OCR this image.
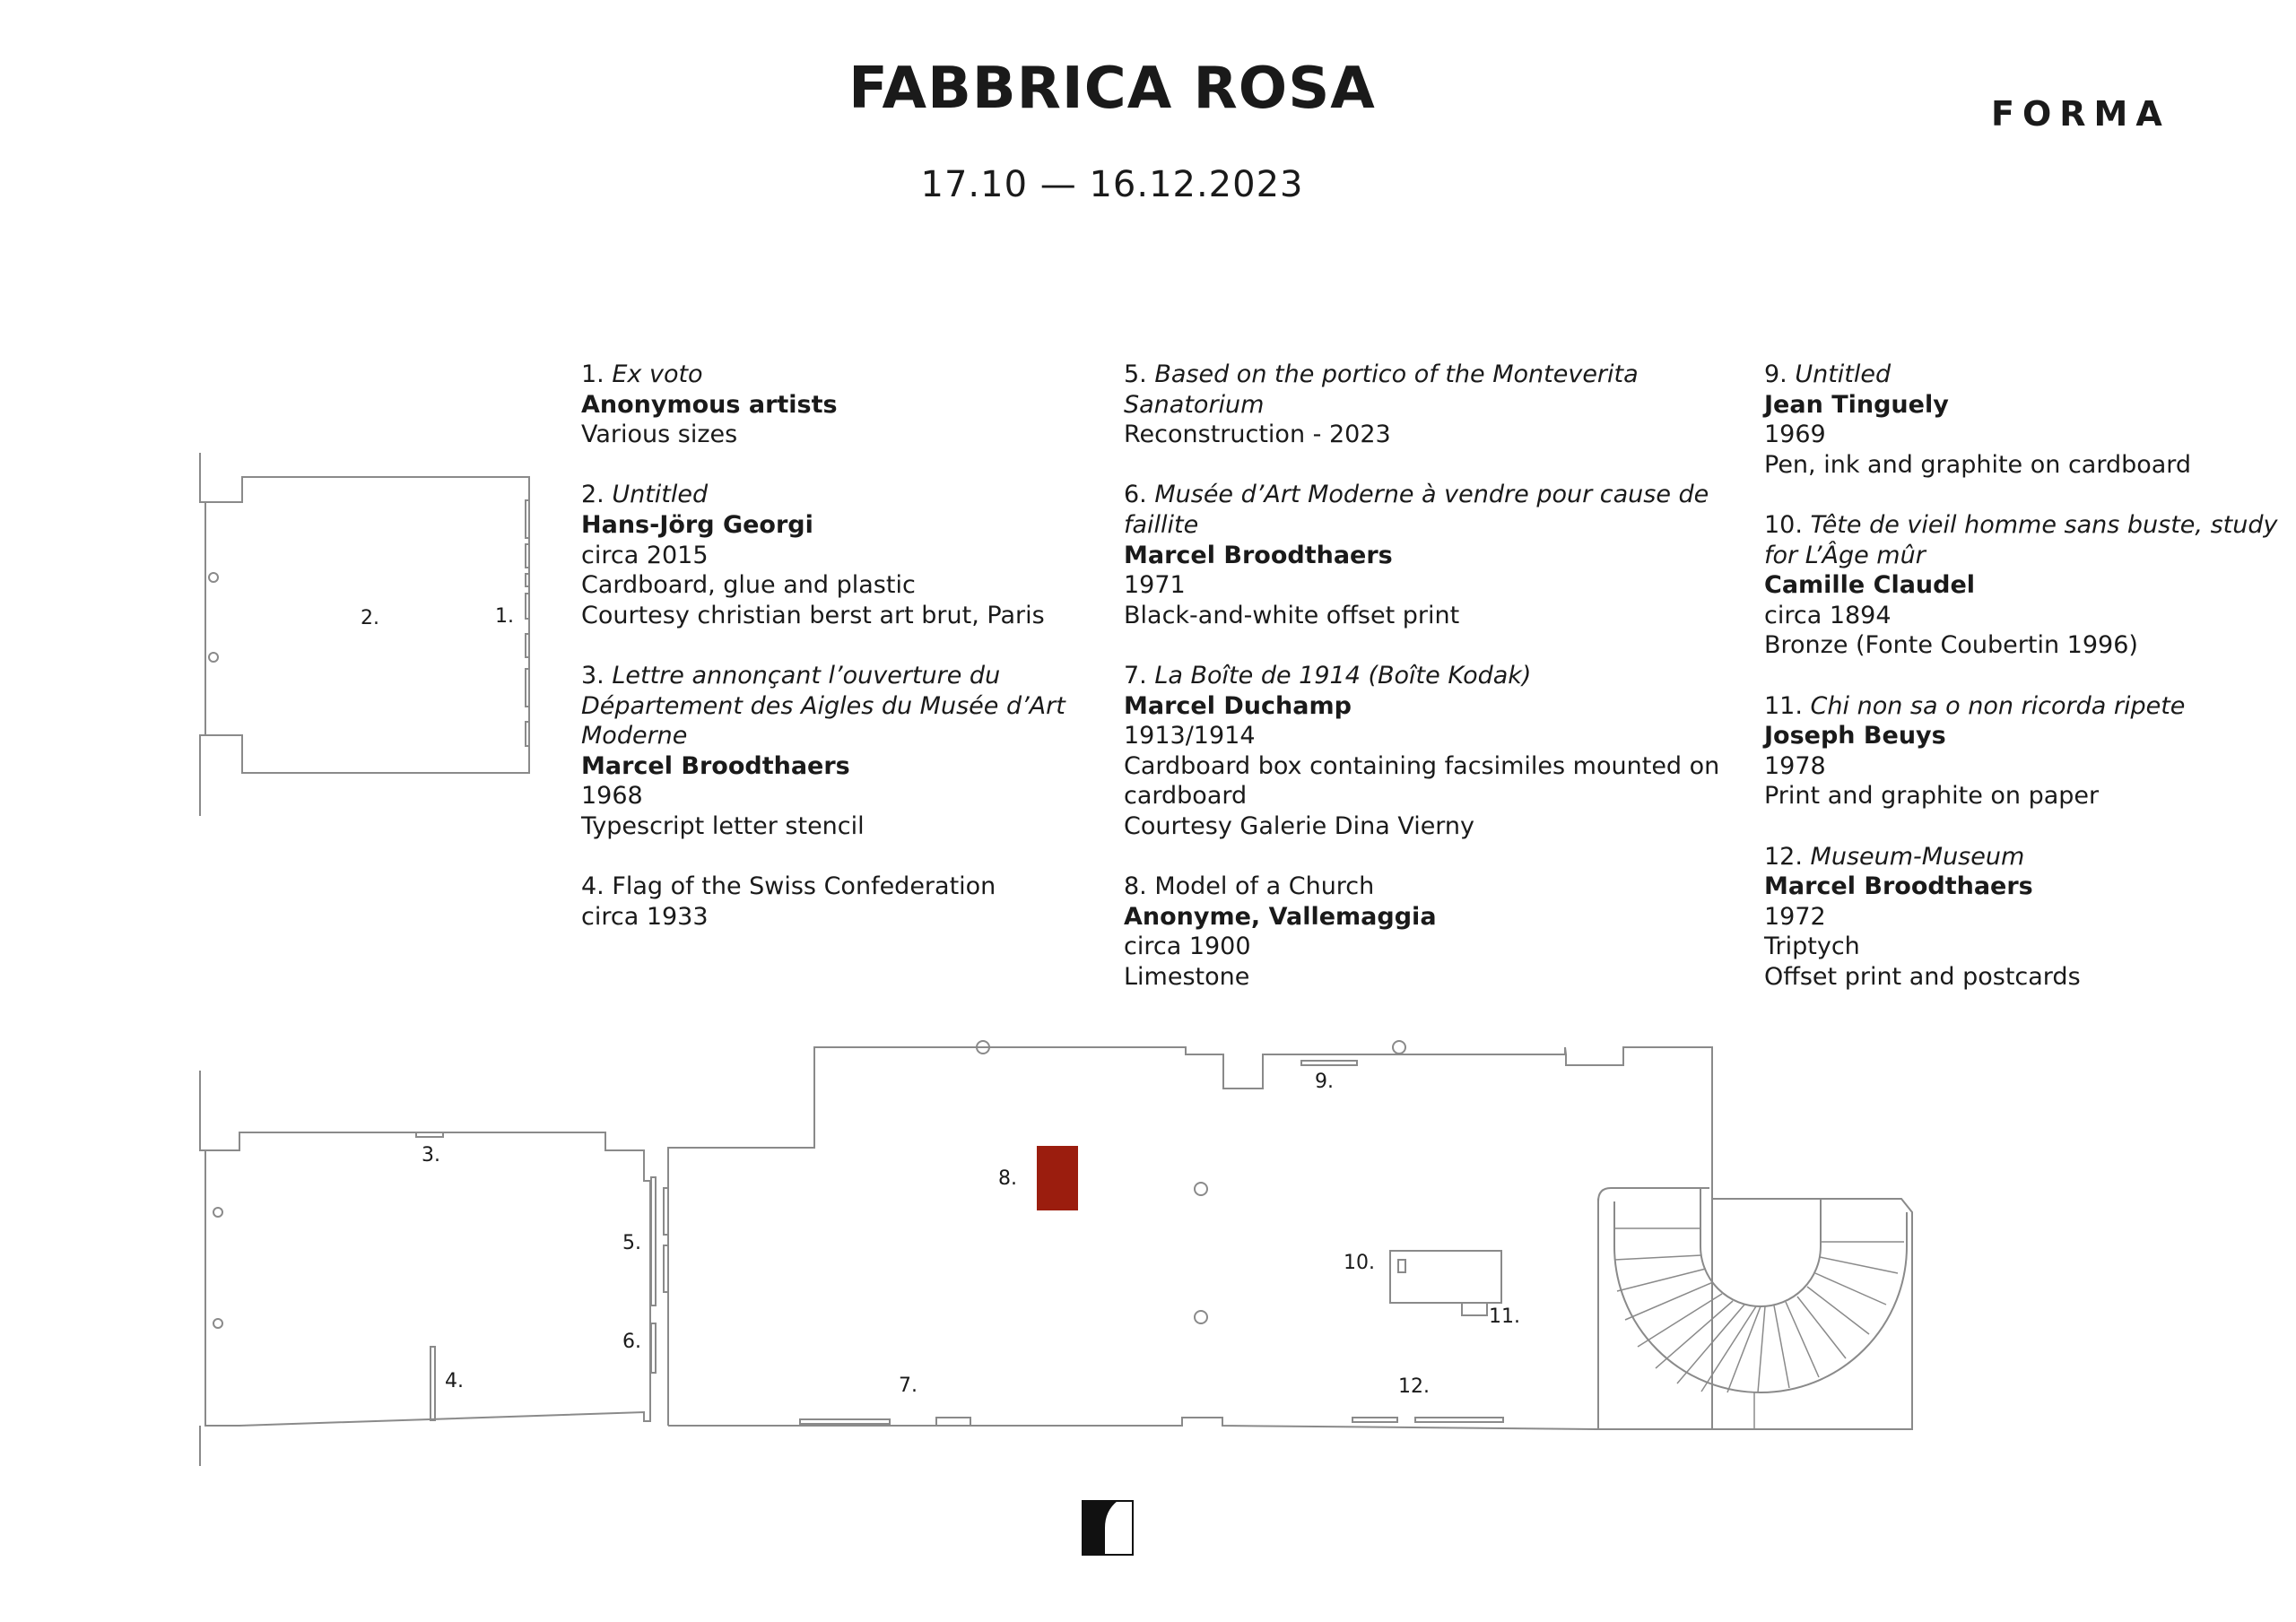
FABBRICA ROSA
17.10 — 16.12.2023
FORMA
1. Ex voto
Anonymous artists
Various sizes
2. Untitled
Hans-Jörg Georgi
circa 2015
Cardboard, glue and plastic
Courtesy christian berst art brut, Paris
3. Lettre annonçant l’ouverture du Département des Aigles du Musée d’Art Moderne
Marcel Broodthaers
1968
Typescript letter stencil
4. Flag of the Swiss Confederation
circa 1933
5. Based on the portico of the Monteverita Sanatorium
Reconstruction - 2023
6. Musée d’Art Moderne à vendre pour cause de faillite
Marcel Broodthaers
1971
Black-and-white offset print
7. La Boîte de 1914 (Boîte Kodak)
Marcel Duchamp
1913/1914
Cardboard box containing facsimiles mounted on cardboard
Courtesy Galerie Dina Vierny
8. Model of a Church
Anonyme, Vallemaggia
circa 1900
Limestone
9. Untitled
Jean Tinguely
1969
Pen, ink and graphite on cardboard
10. Tête de vieil homme sans buste, study for L’Âge mûr
Camille Claudel
circa 1894
Bronze (Fonte Coubertin 1996)
11. Chi non sa o non ricorda ripete
Joseph Beuys
1978
Print and graphite on paper
12. Museum-Museum
Marcel Broodthaers
1972
Triptych
Offset print and postcards
2.	1.
3.
4.
5.
6.
7.
8.
9.
10.
11.
12.
